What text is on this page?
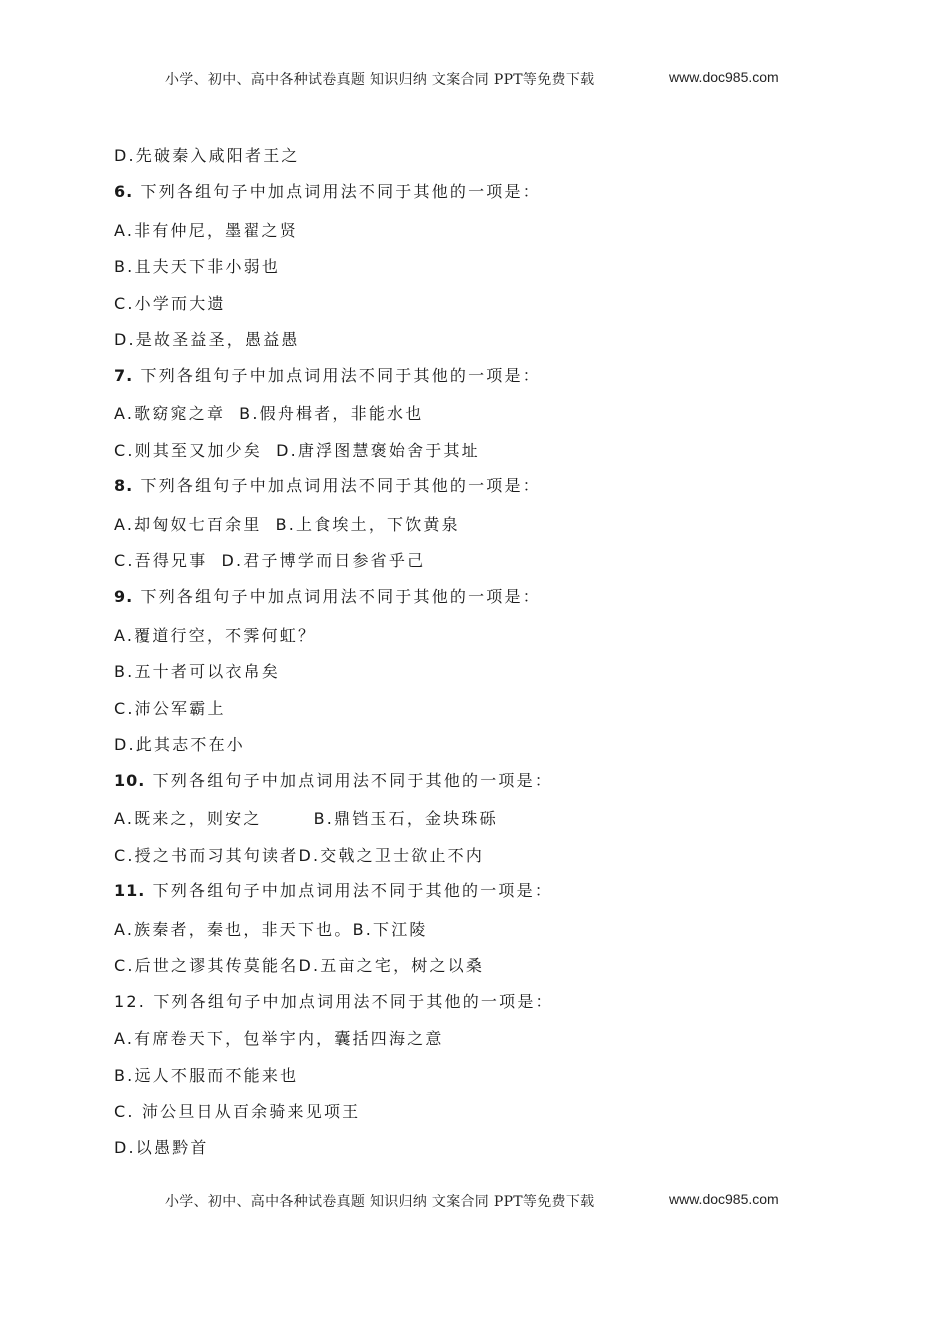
小学、初中、高中各种试卷真题 知识归纳 文案合同 PPT等免费下载	www.doc985.com
D.先破秦入咸阳者王之
6. 下列各组句子中加点词用法不同于其他的一项是：
A.非有仲尼，墨翟之贤
B.且夫天下非小弱也
C.小学而大遗
D.是故圣益圣，愚益愚
7. 下列各组句子中加点词用法不同于其他的一项是：
A.歌窈窕之章 B.假舟楫者，非能水也
C.则其至又加少矣 D.唐浮图慧褒始舍于其址
8. 下列各组句子中加点词用法不同于其他的一项是：
A.却匈奴七百余里 B.上食埃土，下饮黄泉
C.吾得兄事 D.君子博学而日参省乎己
9. 下列各组句子中加点词用法不同于其他的一项是：
A.覆道行空，不霁何虹？
B.五十者可以衣帛矣
C.沛公军霸上
D.此其志不在小
10. 下列各组句子中加点词用法不同于其他的一项是：
A.既来之，则安之	B.鼎铛玉石，金块珠砾
C.授之书而习其句读者D.交戟之卫士欲止不内
11. 下列各组句子中加点词用法不同于其他的一项是：
A.族秦者，秦也，非天下也。B.下江陵
C.后世之谬其传莫能名D.五亩之宅，树之以桑
12. 下列各组句子中加点词用法不同于其他的一项是：
A.有席卷天下，包举宇内，囊括四海之意
B.远人不服而不能来也
C. 沛公旦日从百余骑来见项王
D.以愚黔首
小学、初中、高中各种试卷真题 知识归纳 文案合同 PPT等免费下载	www.doc985.com
